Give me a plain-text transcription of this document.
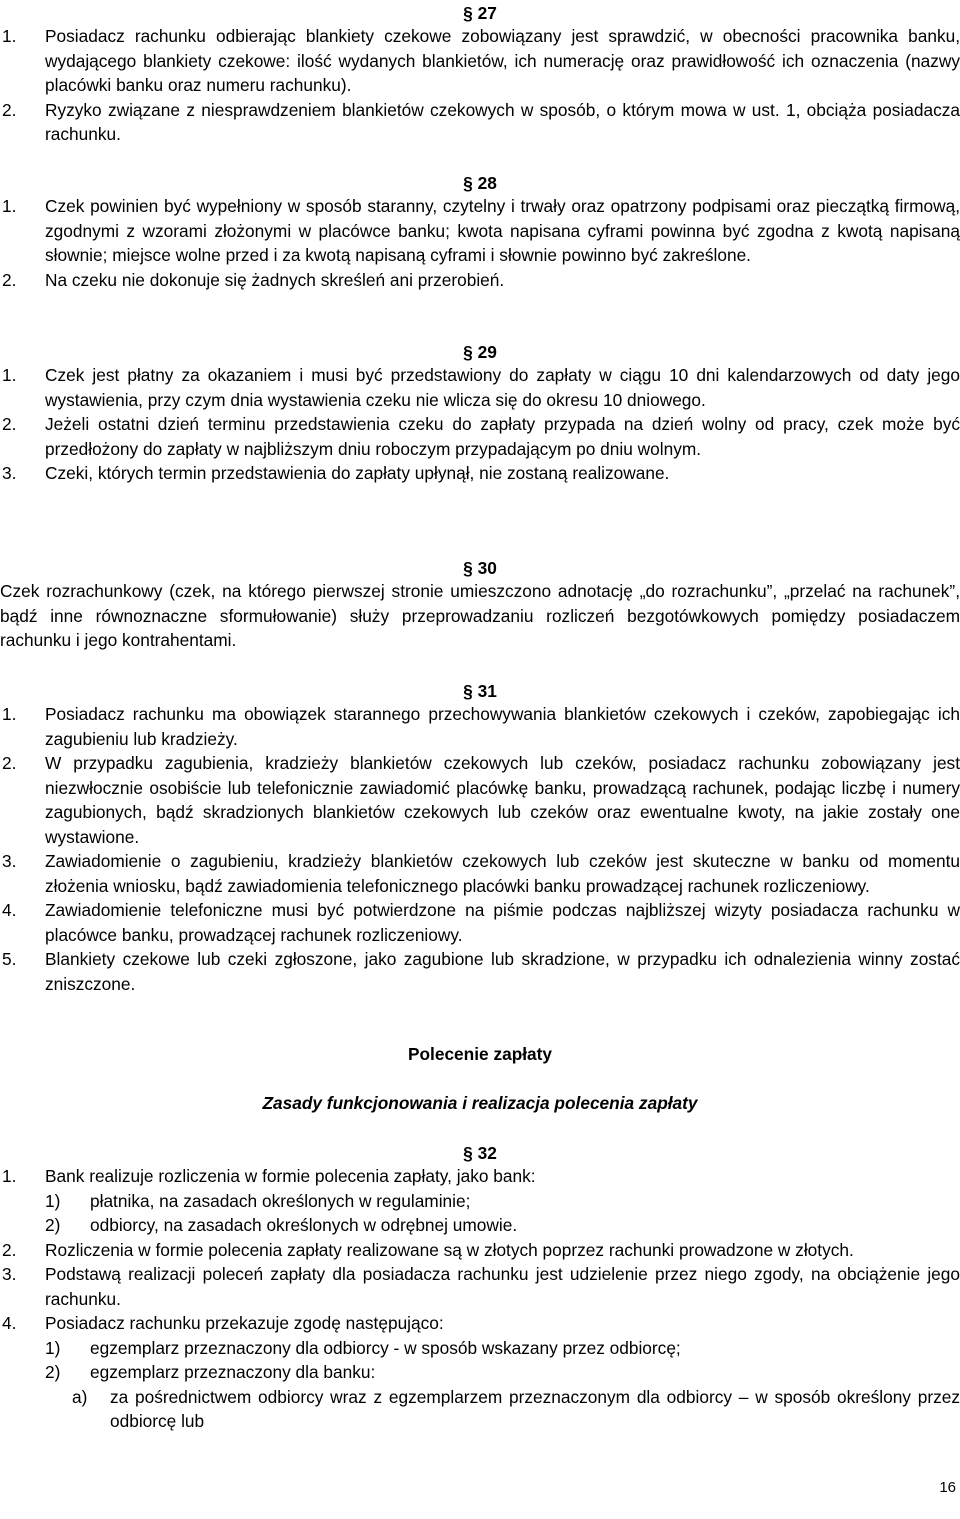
§ 27
1. Posiadacz rachunku odbierając blankiety czekowe zobowiązany jest sprawdzić, w obecności pracownika banku, wydającego blankiety czekowe: ilość wydanych blankietów, ich numerację oraz prawidłowość ich oznaczenia (nazwy placówki banku oraz numeru rachunku).
2. Ryzyko związane z niesprawdzeniem blankietów czekowych w sposób, o którym mowa w ust. 1, obciąża posiadacza rachunku.
§ 28
1. Czek powinien być wypełniony w sposób staranny, czytelny i trwały oraz opatrzony podpisami oraz pieczątką firmową, zgodnymi z wzorami złożonymi w placówce banku; kwota napisana cyframi powinna być zgodna z kwotą napisaną słownie; miejsce wolne przed i za kwotą napisaną cyframi i słownie powinno być zakreślone.
2. Na czeku nie dokonuje się żadnych skreśleń ani przerobień.
§ 29
1. Czek jest płatny za okazaniem i musi być przedstawiony do zapłaty w ciągu 10 dni kalendarzowych od daty jego wystawienia, przy czym dnia wystawienia czeku nie wlicza się do okresu 10 dniowego.
2. Jeżeli ostatni dzień terminu przedstawienia czeku do zapłaty przypada na dzień wolny od pracy, czek może być przedłożony do zapłaty w najbliższym dniu roboczym przypadającym po dniu wolnym.
3. Czeki, których termin przedstawienia do zapłaty upłynął, nie zostaną realizowane.
§ 30
Czek rozrachunkowy (czek, na którego pierwszej stronie umieszczono adnotację „do rozrachunku”, „przelać na rachunek”, bądź inne równoznaczne sformułowanie) służy przeprowadzaniu rozliczeń bezgotówkowych pomiędzy posiadaczem rachunku i jego kontrahentami.
§ 31
1. Posiadacz rachunku ma obowiązek starannego przechowywania blankietów czekowych i czeków, zapobiegając ich zagubieniu lub kradzieży.
2. W przypadku zagubienia, kradzieży blankietów czekowych lub czeków, posiadacz rachunku zobowiązany jest niezwłocznie osobiście lub telefonicznie zawiadomić placówkę banku, prowadzącą rachunek, podając liczbę i numery zagubionych, bądź skradzionych blankietów czekowych lub czeków oraz ewentualne kwoty, na jakie zostały one wystawione.
3. Zawiadomienie o zagubieniu, kradzieży blankietów czekowych lub czeków jest skuteczne w banku od momentu złożenia wniosku, bądź zawiadomienia telefonicznego placówki banku prowadzącej rachunek rozliczeniowy.
4. Zawiadomienie telefoniczne musi być potwierdzone na piśmie podczas najbliższej wizyty posiadacza rachunku w placówce banku, prowadzącej rachunek rozliczeniowy.
5. Blankiety czekowe lub czeki zgłoszone, jako zagubione lub skradzione, w przypadku ich odnalezienia winny zostać zniszczone.
Polecenie zapłaty
Zasady funkcjonowania i realizacja polecenia zapłaty
§ 32
1. Bank realizuje rozliczenia w formie polecenia zapłaty, jako bank:
1) płatnika, na zasadach określonych w regulaminie;
2) odbiorcy, na zasadach określonych w odrębnej umowie.
2. Rozliczenia w formie polecenia zapłaty realizowane są w złotych poprzez rachunki prowadzone w złotych.
3. Podstawą realizacji poleceń zapłaty dla posiadacza rachunku jest udzielenie przez niego zgody, na obciążenie jego rachunku.
4. Posiadacz rachunku przekazuje zgodę następująco:
1) egzemplarz przeznaczony dla odbiorcy - w sposób wskazany przez odbiorcę;
2) egzemplarz przeznaczony dla banku:
a) za pośrednictwem odbiorcy wraz z egzemplarzem przeznaczonym dla odbiorcy – w sposób określony przez odbiorcę lub
16
